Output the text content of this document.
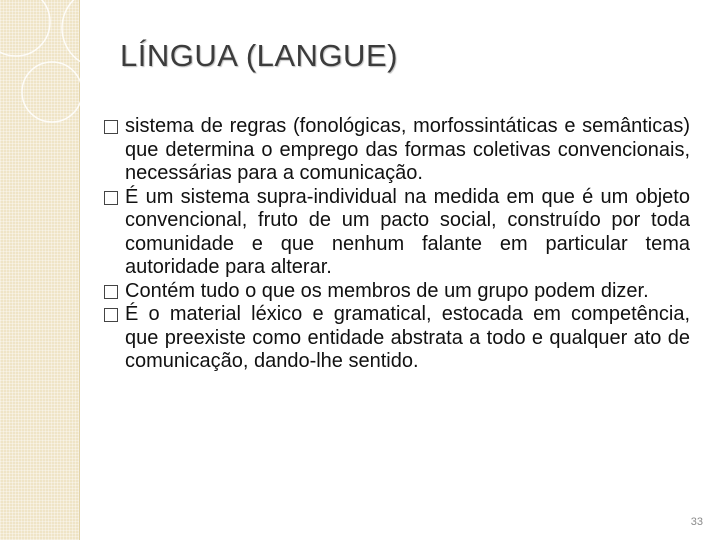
LÍNGUA (LANGUE)
sistema de regras (fonológicas, morfossintáticas e semânticas) que determina o emprego das formas coletivas convencionais, necessárias para a comunicação.
É um sistema supra-individual na medida em que é um objeto convencional, fruto de um pacto social, construído por toda comunidade e que nenhum falante em particular tema autoridade para alterar.
Contém tudo o que os membros de um grupo podem dizer.
É o material léxico e gramatical, estocada em competência, que preexiste como entidade abstrata a todo e qualquer ato de comunicação, dando-lhe sentido.
33
